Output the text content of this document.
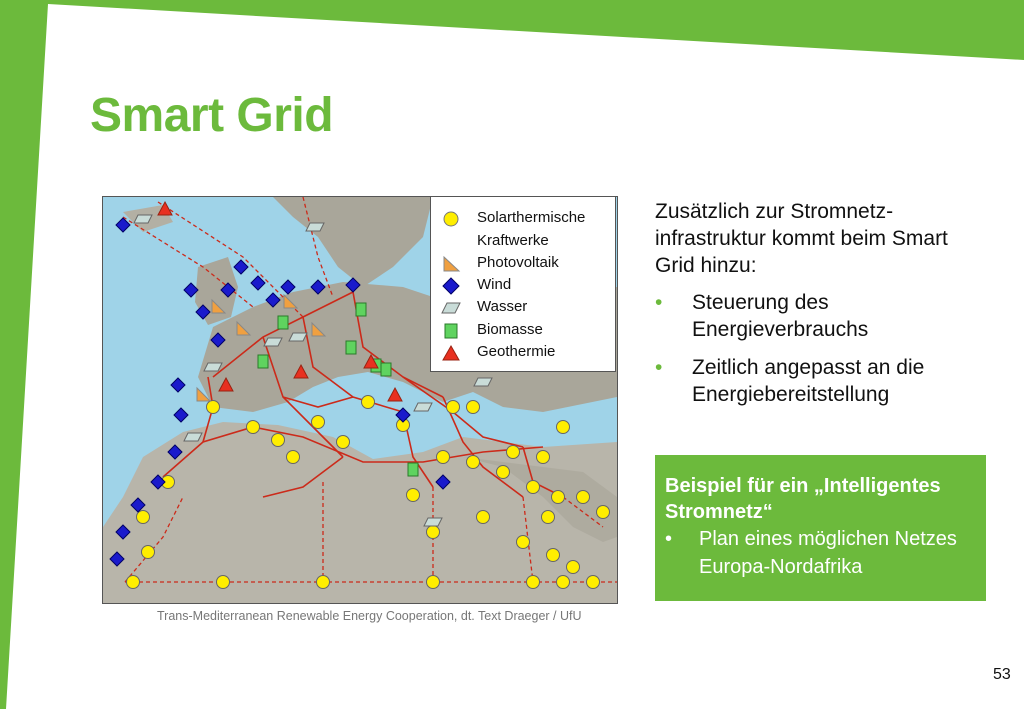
Smart Grid
Solarthermische
Kraftwerke
Photovoltaik
Wind
Wasser
Biomasse
Geothermie

Trans-Mediterranean Renewable Energy Cooperation, dt. Text Draeger / UfU

Zusätzlich zur Stromnetz-infrastruktur kommt beim Smart Grid hinzu:

• Steuerung des Energieverbrauchs
• Zeitlich angepasst an die Energiebereitstellung

Beispiel für ein „Intelligentes Stromnetz“

• Plan eines möglichen Netzes Europa-Nordafrika

53
